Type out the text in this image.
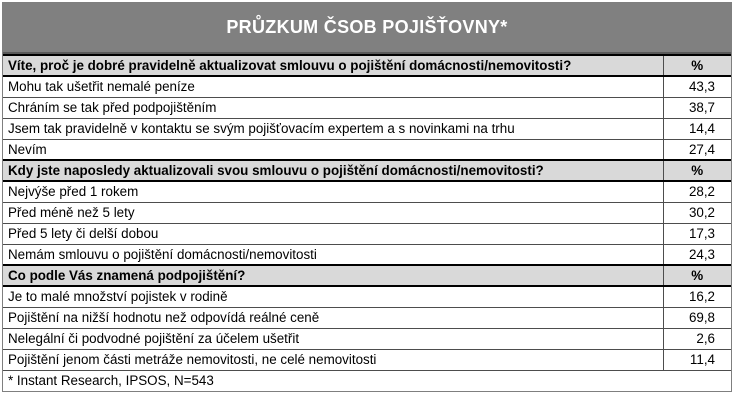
PRŮZKUM ČSOB POJIŠŤOVNY*
Víte, proč je dobré pravidelně aktualizovat smlouvu o pojištění domácnosti/nemovitosti?	%
Mohu tak ušetřit nemalé peníze	43,3
Chráním se tak před podpojištěním	38,7
Jsem tak pravidelně v kontaktu se svým pojišťovacím expertem a s novinkami na trhu	14,4
Nevím	27,4
Kdy jste naposledy aktualizovali svou smlouvu o pojištění domácnosti/nemovitosti?	%
Nejvýše před 1 rokem	28,2
Před méně než 5 lety	30,2
Před 5 lety či delší dobou	17,3
Nemám smlouvu o pojištění domácnosti/nemovitosti	24,3
Co podle Vás znamená podpojištění?	%
Je to malé množství pojistek v rodině	16,2
Pojištění na nižší hodnotu než odpovídá reálné ceně	69,8
Nelegální či podvodné pojištění za účelem ušetřit	2,6
Pojištění jenom části metráže nemovitosti, ne celé nemovitosti	11,4
* Instant Research, IPSOS, N=543
